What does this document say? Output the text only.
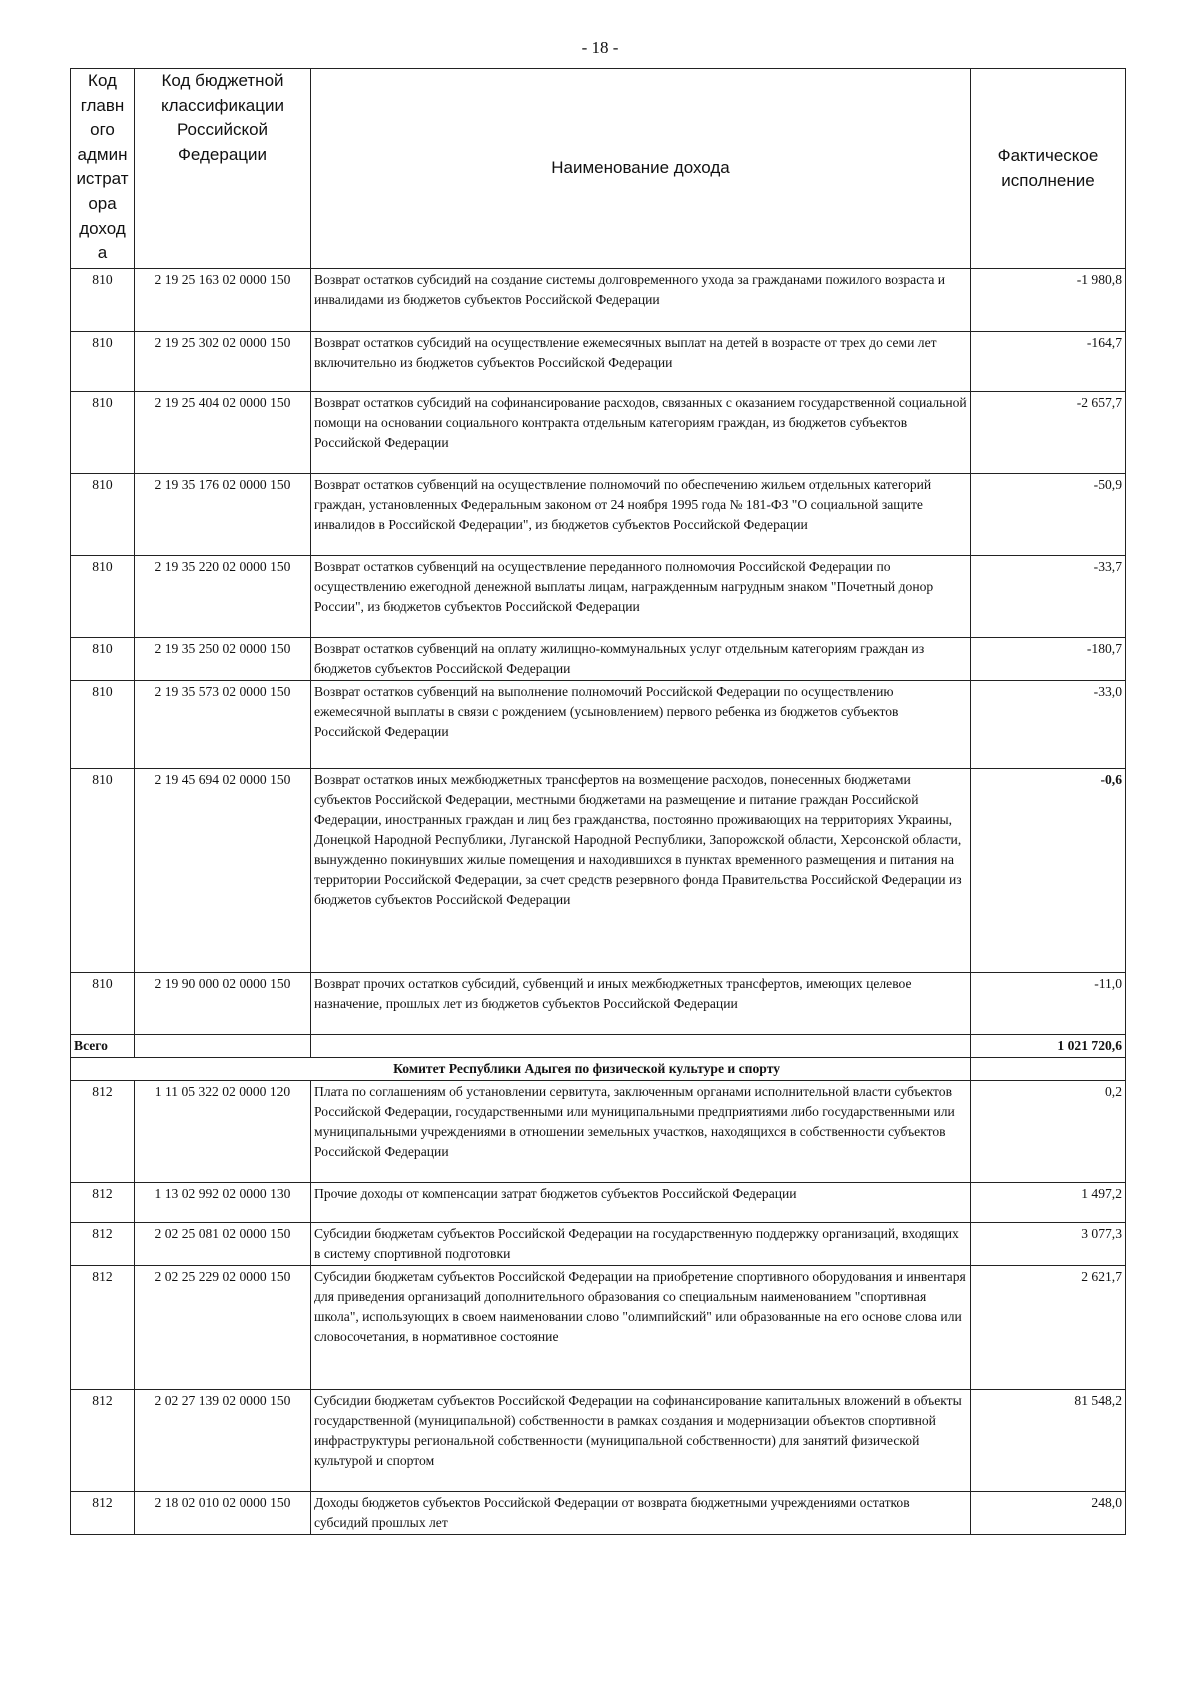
- 18 -
Код главн ого админ истрат ора доход а	Код бюджетной классификации Российской Федерации	Наименование дохода	Фактическое исполнение
810	2 19 25 163 02 0000 150	Возврат остатков субсидий на создание системы долговременного ухода за гражданами пожилого возраста и инвалидами из бюджетов субъектов Российской Федерации	-1 980,8
810	2 19 25 302 02 0000 150	Возврат остатков субсидий на осуществление ежемесячных выплат на детей в возрасте от трех до семи лет включительно из бюджетов субъектов Российской Федерации	-164,7
810	2 19 25 404 02 0000 150	Возврат остатков субсидий на софинансирование расходов, связанных с оказанием государственной социальной помощи на основании социального контракта отдельным категориям граждан, из бюджетов субъектов Российской Федерации	-2 657,7
810	2 19 35 176 02 0000 150	Возврат остатков субвенций на осуществление полномочий по обеспечению жильем отдельных категорий граждан, установленных Федеральным законом от 24 ноября 1995 года № 181-ФЗ "О социальной защите инвалидов в Российской Федерации", из бюджетов субъектов Российской Федерации	-50,9
810	2 19 35 220 02 0000 150	Возврат остатков субвенций на осуществление переданного полномочия Российской Федерации по осуществлению ежегодной денежной выплаты лицам, награжденным нагрудным знаком "Почетный донор России", из бюджетов субъектов Российской Федерации	-33,7
810	2 19 35 250 02 0000 150	Возврат остатков субвенций на оплату жилищно-коммунальных услуг отдельным категориям граждан из бюджетов субъектов Российской Федерации	-180,7
810	2 19 35 573 02 0000 150	Возврат остатков субвенций на выполнение полномочий Российской Федерации по осуществлению ежемесячной выплаты в связи с рождением (усыновлением) первого ребенка из бюджетов субъектов Российской Федерации	-33,0
810	2 19 45 694 02 0000 150	Возврат остатков иных межбюджетных трансфертов на возмещение расходов, понесенных бюджетами субъектов Российской Федерации, местными бюджетами на размещение и питание граждан Российской Федерации, иностранных граждан и лиц без гражданства, постоянно проживающих на территориях Украины, Донецкой Народной Республики, Луганской Народной Республики, Запорожской области, Херсонской области, вынужденно покинувших жилые помещения и находившихся в пунктах временного размещения и питания на территории Российской Федерации, за счет средств резервного фонда Правительства Российской Федерации из бюджетов субъектов Российской Федерации	-0,6
810	2 19 90 000 02 0000 150	Возврат прочих остатков субсидий, субвенций и иных межбюджетных трансфертов, имеющих целевое назначение, прошлых лет из бюджетов субъектов Российской Федерации	-11,0
Всего			1 021 720,6
Комитет Республики Адыгея по физической культуре и спорту			
812	1 11 05 322 02 0000 120	Плата по соглашениям об установлении сервитута, заключенным органами исполнительной власти субъектов Российской Федерации, государственными или муниципальными предприятиями либо государственными или муниципальными учреждениями в отношении земельных участков, находящихся в собственности субъектов Российской Федерации	0,2
812	1 13 02 992 02 0000 130	Прочие доходы от компенсации затрат бюджетов субъектов Российской Федерации	1 497,2
812	2 02 25 081 02 0000 150	Субсидии бюджетам субъектов Российской Федерации на государственную поддержку организаций, входящих в систему спортивной подготовки	3 077,3
812	2 02 25 229 02 0000 150	Субсидии бюджетам субъектов Российской Федерации на приобретение спортивного оборудования и инвентаря для приведения организаций дополнительного образования со специальным наименованием "спортивная школа", использующих в своем наименовании слово "олимпийский" или образованные на его основе слова или словосочетания, в нормативное состояние	2 621,7
812	2 02 27 139 02 0000 150	Субсидии бюджетам субъектов Российской Федерации на софинансирование капитальных вложений в объекты государственной (муниципальной) собственности в рамках создания и модернизации объектов спортивной инфраструктуры региональной собственности (муниципальной собственности) для занятий физической культурой и спортом	81 548,2
812	2 18 02 010 02 0000 150	Доходы бюджетов субъектов Российской Федерации от возврата бюджетными учреждениями остатков субсидий прошлых лет	248,0
